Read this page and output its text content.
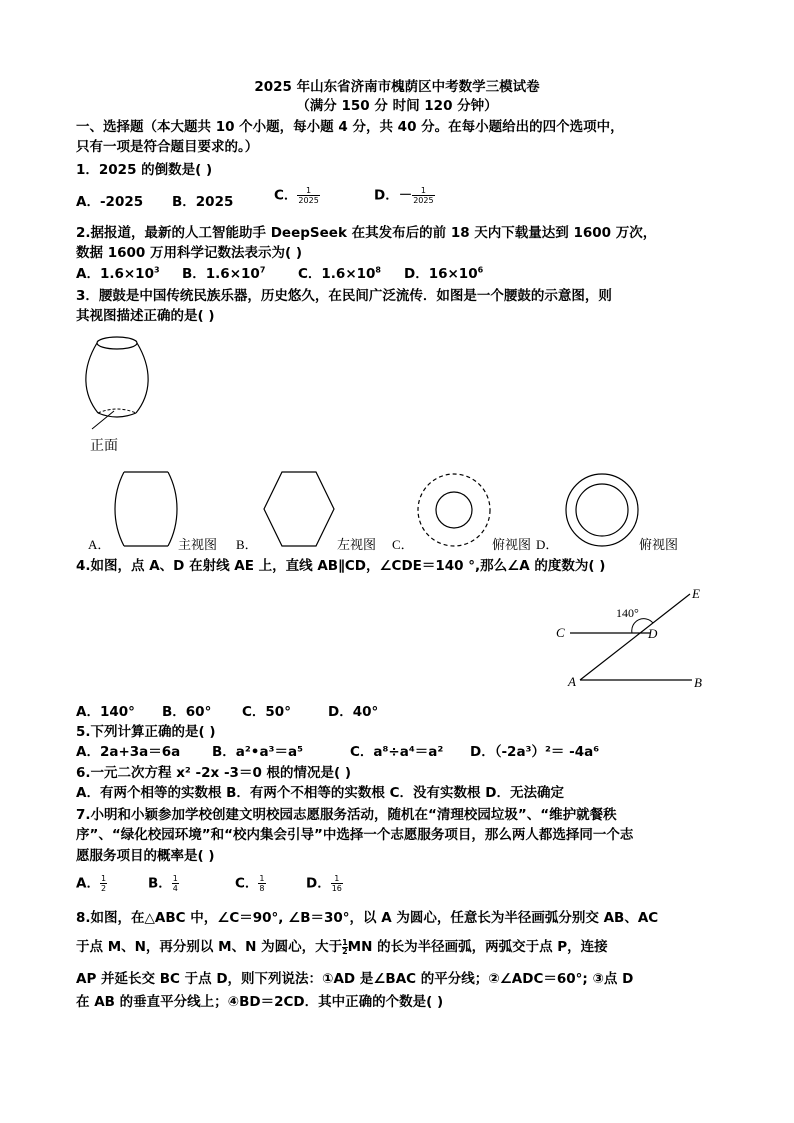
2025 年山东省济南市槐荫区中考数学三模试卷
（满分 150 分 时间 120 分钟）
一、选择题（本大题共 10 个小题，每小题 4 分，共 40 分。在每小题给出的四个选项中，
只有一项是符合题目要求的。）
1．2025 的倒数是( )
A．-2025 B．2025	C． $\frac{1}{2025}$	D．－ $\frac{1}{2025}$
2.据报道，最新的人工智能助手 DeepSeek 在其发布后的前 18 天内下载量达到 1600 万次，
数据 1600 万用科学记数法表示为( )
A．$1.6\times 10^3$ B．$1.6\times 10^7$ C．$1.6\times 10^8$ D．$16\times 10^6$
3．腰鼓是中国传统民族乐器，历史悠久，在民间广泛流传．如图是一个腰鼓的示意图，则
其视图描述正确的是( )
正面
A．	主视图 B．	左视图 C．	俯视图 D．	俯视图
4.如图，点 A、D 在射线 AE 上，直线 AB∥CD，∠CDE＝140 °,那么∠A 的度数为( )
140°
C	D
E
A	B
A．140° B．60° C．50°	D．40°
5.下列计算正确的是( )
A．2a+3a＝6a B．a²•a³＝a⁵	C．a⁸÷a⁴＝a² D．（-2a³）²＝ -4a⁶
6.一元二次方程 x² -2x -3＝0 根的情况是( )
A．有两个相等的实数根 B．有两个不相等的实数根 C．没有实数根 D．无法确定
7.小明和小颖参加学校创建文明校园志愿服务活动，随机在“清理校园垃圾”、“维护就餐秩
序”、“绿化校园环境”和“校内集会引导”中选择一个志愿服务项目，那么两人都选择同一个志
愿服务项目的概率是( )
A． $\frac{1}{2}$	B． $\frac{1}{4}$	C． $\frac{1}{8}$	D． $\frac{1}{16}$
8.如图，在△ABC 中，∠C＝90°, ∠B＝30°，以 A 为圆心，任意长为半径画弧分别交 AB、AC
于点 M、N，再分别以 M、N 为圆心，大于 $\frac{1}{2}MN$ 的长为半径画弧，两弧交于点 P，连接
AP 并延长交 BC 于点 D，则下列说法：①AD 是∠BAC 的平分线；②∠ADC＝60°; ③点 D
在 AB 的垂直平分线上；④BD＝2CD．其中正确的个数是( )
